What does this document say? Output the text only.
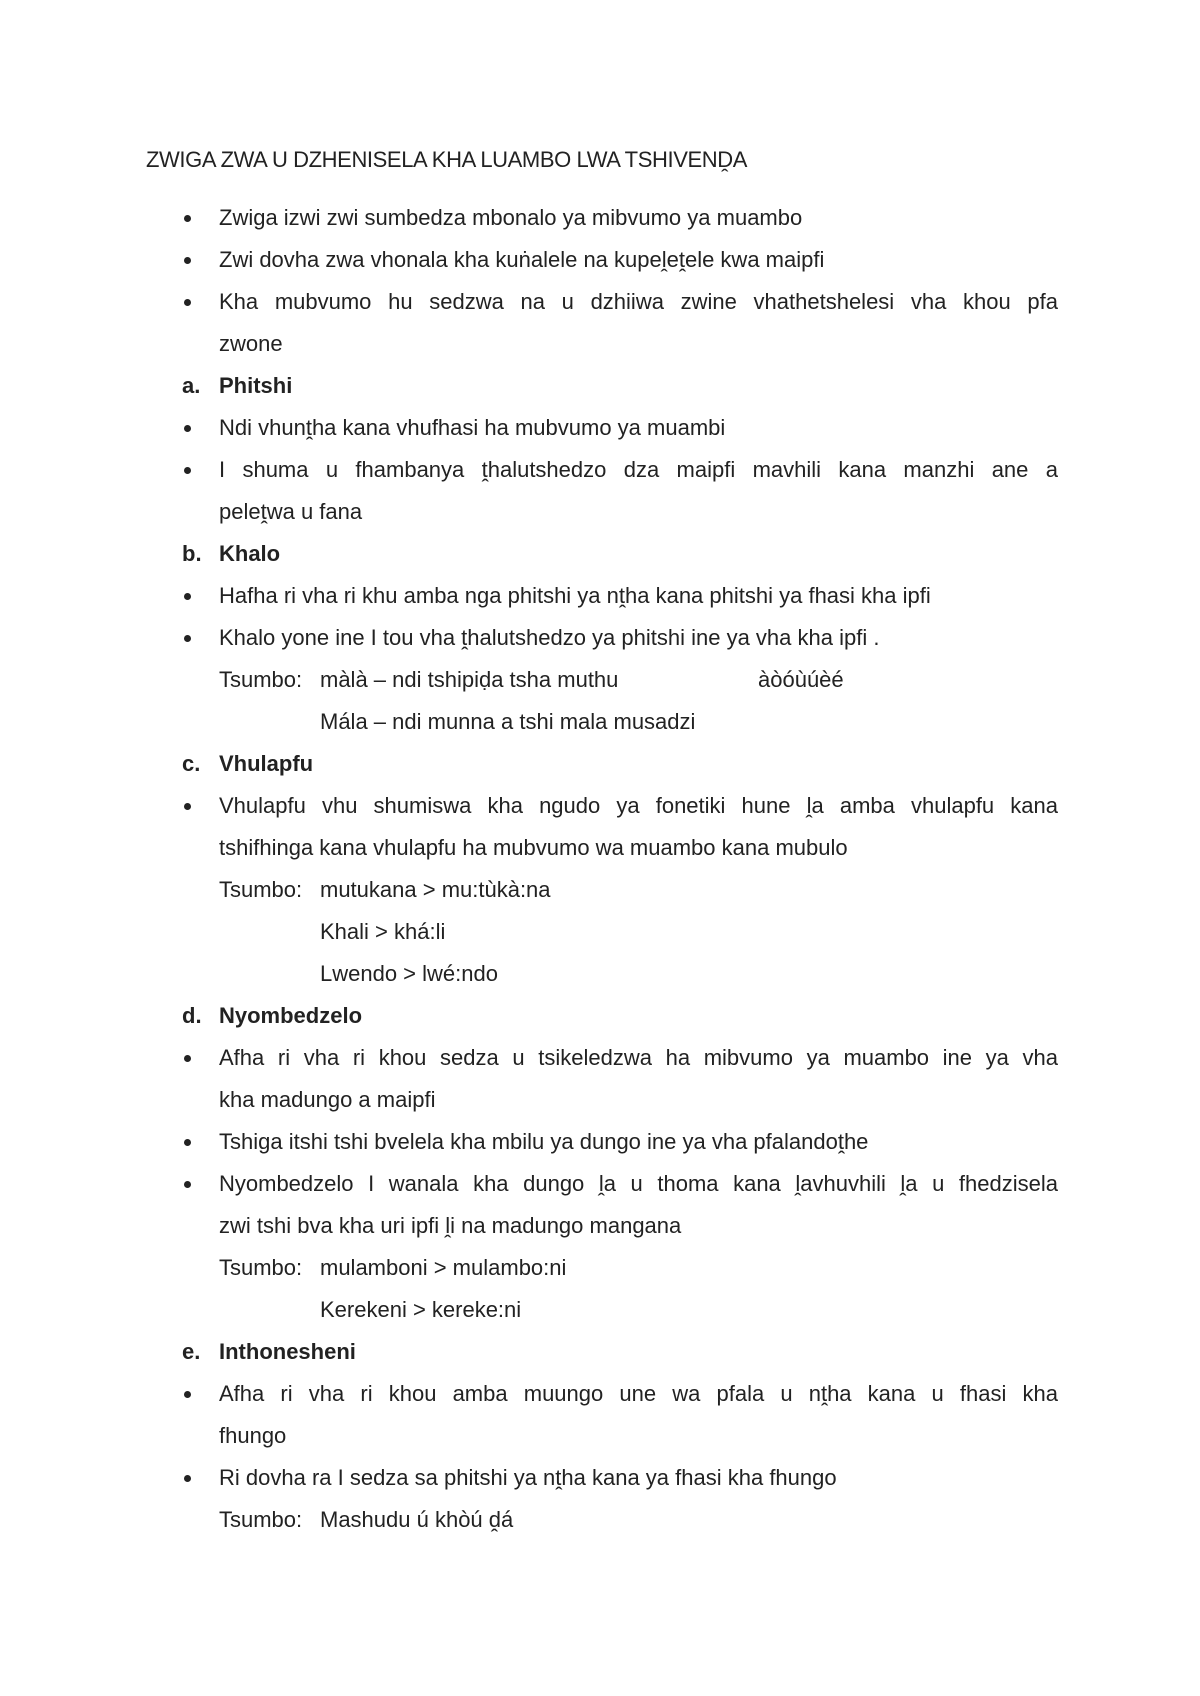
ZWIGA ZWA U DZHENISELA KHA LUAMBO LWA TSHIVENḒA
Zwiga izwi zwi sumbedza mbonalo ya mibvumo ya muambo
Zwi dovha zwa vhonala kha kuṅalele na kupeḽeṱele kwa maipfi
Kha mubvumo hu sedzwa na u dzhiiwa zwine vhathetshelesi vha khou pfa
zwone
a. Phitshi
Ndi vhunṱha kana vhufhasi ha mubvumo ya muambi
I shuma u fhambanya ṱhalutshedzo dza maipfi mavhili kana manzhi ane a
peleṱwa u fana
b. Khalo
Hafha ri vha ri khu amba nga phitshi ya nṱha kana phitshi ya fhasi kha ipfi
Khalo yone ine I tou vha ṱhalutshedzo ya phitshi ine ya vha kha ipfi .
Tsumbo: màlà – ndi tshipiḍa tsha muthu	àòóùúèé
Mála – ndi munna a tshi mala musadzi
c. Vhulapfu
Vhulapfu vhu shumiswa kha ngudo ya fonetiki hune ḽa amba vhulapfu kana
tshifhinga kana vhulapfu ha mubvumo wa muambo kana mubulo
Tsumbo: mutukana > mu:tùkà:na
Khali > khá:li
Lwendo > lwé:ndo
d. Nyombedzelo
Afha ri vha ri khou sedza u tsikeledzwa ha mibvumo ya muambo ine ya vha
kha madungo a maipfi
Tshiga itshi tshi bvelela kha mbilu ya dungo ine ya vha pfalandoṱhe
Nyombedzelo I wanala kha dungo ḽa u thoma kana ḽavhuvhili ḽa u fhedzisela
zwi tshi bva kha uri ipfi ḽi na madungo mangana
Tsumbo: mulamboni > mulambo:ni
Kerekeni > kereke:ni
e. Inthonesheni
Afha ri vha ri khou amba muungo une wa pfala u nṱha kana u fhasi kha
fhungo
Ri dovha ra I sedza sa phitshi ya nṱha kana ya fhasi kha fhungo
Tsumbo: Mashudu ú khòú ḓá
